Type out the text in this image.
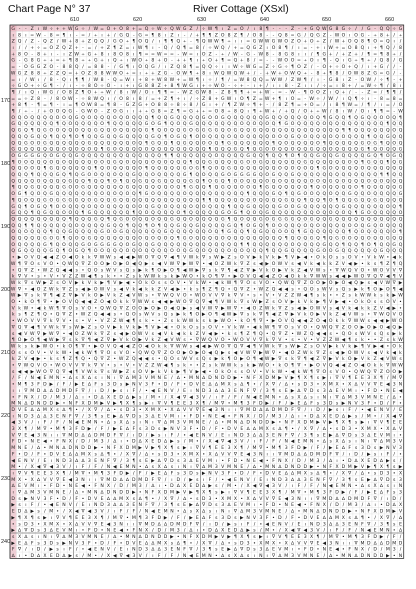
Chart Page N° 37	River Cottage (XSxl)
610	620	630	640	650	660
170
180
190
200
210
220
230
240
G - - Z ı W ÷ + + W G ÷ / W = O + O 8 + = Q ÷ W ÷ Q W G Z / ÷ W ¶ ı Z = O / ı 8 ¶ - - - Z - + G Q W G 8 G ÷ / / G - Q Q ÷ G
ı 8 ı = W - 8 = ¶ ı - = / ÷ ı + / G Q - G = ¶ 8 ı Z ı - / + ¶ ¶ Z O 8 Z ¶ / O 8 - - Q 8 = G / Q G Z - W O ı O G - ÷ 8 + / ÷
Z Q / Z - Q Z / W + 8 + Z Q Q / G O ÷ ¶ O Q / ı ¶ ¶ Q ÷ - ¶ Q W W ¶ ÷ ı ı = G W W G W O Z O + O ÷ Z / W + O Q 8 ¶ O = Q ı /
ı / / + ÷ = O Z Q Z + - = / + Z ¶ Z = ı W ¶ ı - Q / Q ¶ = 8 / ÷ W Q / + = Q G Z ı O 8 ¶ / ı = - + ı W + = O 8 Q ı + ¶ Q / 8
+ 8 O - 8 + ı - ı Z W ÷ G ÷ 8 ı 8 O 8 ı ¶ = = W = = - W = ı O Z - ÷ / W - G - W 8 - 8 G 8 ı ı / ¶ G + / + Z + / ¶ = ¶ 8 ÷ /
G - G 8 G ÷ + = + ¶ 8 ÷ ÷ G + ı Q ÷ ı W O ÷ 8 + O - + + ¶ ı ÷ O + ¶ = Q + 8 / = - - W O O = ÷ O ı ¶ - Q ı G ÷ ¶ ÷ / Q 8 / G
= - O G G Z O - 8 8 Q / = 8 8 - / G ¶ ı O Q G / ı Z Q 8 ¶ = Q Q ÷ ı ı W ÷ W G = Z ÷ G ÷ ¶ O Z / - O + ÷ O + Q / ı + G / / -
W G Z 8 8 ÷ Z Z Q = + O Z 8 8 W W O ÷ = ı ÷ + Z G - O W ¶ ÷ 8 ı W Q W Q W + / - + W + O W Q ÷ - 8 ÷ ¶ 8 / O W 8 Z G = G / -
= ı / W ı / 8 - Q ı ¶ ¶ / W 8 - Q = W ı + 8 + W 8 W + = W ¶ ı ÷ / ¶ / = W 8 Q Q = W W / Z W ¶ / ı - G 8 ı Z - O W / ÷ ¶ - +
÷ G O + ÷ G ¶ - / ı - ÷ 8 O ÷ O - ı + ı G 8 8 Z + 8 ¶ W G ı + ÷ W O - ÷ + - ı + / ı ı 8 - Z ı ı / ÷ = ı 8 + / = W ÷ ¶ / 8 ı
¶ / ı Q ı W G / O 8 Z ¶ O + ÷ W / 8 ı W / O ı ¶ ¶ = - W Z G W 8 - Z 8 ¶ ¶ + = + W - = - W - ¶ O O Z ı Q + / - - Z = / ¶ ¶ /
= = ÷ Z 8 - / 8 O W - ÷ 8 W Q ı / O 8 ı 8 / = + Z ¶ + ı / ÷ Z 8 + G W ı O ¶ Z = W + ¶ ı O = - W ÷ / W / ı Q ¶ ÷ ı - 8 = 8 =
+ 8 ¶ - ¶ = ¶ - ı = ¶ O W 8 = ¶ 8 - G Z G + O 8 8 ÷ 8 ÷ 8 / G ı + / ¶ Z W ÷ ¶ + - / 8 Z ¶ = + O = / ı 8 ¶ W = / ¶ / ı = / O
¶ / ÷ - / + O O Q G - G W O - Z O G ı ı + ÷ G 8 = Z ¶ = G + ÷ = O 8 ÷ 8 Q ı ¶ ÷ W + / + Q / O + ÷ W / 8 ı W / O ı ¶ ¶ = - W
O Q O Q Q Q Q O O Q G Q O Q Q Q O Q O Q Q Q ¶ Q Q G Q Q Q Q G O O G Q Q Q Q Q Q G Q Q Q Q Q Q O Q ¶ G Q Q ¶ Q G Q Q O O Q ¶
G Q Q Q Q Q Q ¶ Q O Q Q Q Q O ¶ Q Q Q Q Q G O G ¶ Q O Q G Q Q Q Q Q Q Q O Q O Q O Q ¶ G O Q Q Q Q O Q Q Q Q Q Q Q Q Q ¶ Q Q
Q G Q ¶ Q G O O Q Q O Q Q G Q Q O Q Q Q Q G ¶ Q O Q Q G O G G G G Q O G Q Q G Q Q Q Q Q Q Q Q Q Q Q Q Q ¶ ¶ Q Q Q Q Q Q O Q
Q Q Q G Q Q ¶ Q Q ¶ O ¶ Q Q G Q Q G Q Q Q Q G Q ¶ O G Q ¶ O O Q Q Q O Q O Q Q Q Q O O Q G Q O Q Q Q O Q O Q Q Q ¶ Q Q G Q Q
Q Q G O O G Q Q Q Q Q Q G Q Q Q Q Q Q O Q ¶ G Q Q ¶ Q G Q Q O O Q ¶ G Q Q Q Q Q Q ¶ Q O Q Q Q Q O ¶ Q Q Q Q Q G O G ¶ Q O Q
G Q Q Q Q Q Q Q O Q O Q O Q ¶ G O Q Q Q Q O Q Q Q Q Q Q Q Q Q ¶ Q Q Q G Q ¶ Q G O O Q Q O Q Q G Q Q O Q Q Q Q G ¶ Q O Q Q G
O G G G G Q O G Q Q G Q Q Q Q Q Q Q Q Q Q Q Q Q ¶ ¶ Q Q Q Q Q Q O Q Q Q Q G Q Q ¶ Q Q ¶ O ¶ Q Q G Q Q G Q Q Q Q G Q ¶ O G Q
¶ O O Q Q Q O Q O Q Q Q Q O O Q G Q O Q Q Q O Q O Q Q Q ¶ Q Q G Q Q Q Q G O O G Q Q Q Q Q Q G Q Q Q Q Q Q O Q ¶ G Q Q ¶ Q G
Q Q O O Q ¶ G Q Q Q Q Q Q ¶ Q O Q Q Q Q O ¶ Q Q Q Q Q G O G ¶ Q O Q G Q Q Q Q Q Q Q O Q O Q O Q ¶ G O Q Q Q Q O Q Q Q Q Q Q
Q Q Q ¶ Q Q Q G Q ¶ Q G O O Q Q O Q Q G Q Q O Q Q Q Q G ¶ Q O Q Q G O G G G G Q O G Q Q G Q Q Q Q Q Q Q Q Q Q Q Q Q ¶ ¶ Q Q
Q Q Q Q O Q Q Q Q G Q Q ¶ Q Q ¶ O ¶ Q Q G Q Q G Q Q Q Q G Q ¶ O G Q ¶ O O Q Q Q O Q O Q Q Q Q O O Q G Q O Q Q Q O Q O Q Q Q
¶ Q Q G Q Q Q Q G O O G Q Q Q Q Q Q G Q Q Q Q Q Q O Q ¶ G Q Q ¶ Q G Q Q O O Q ¶ G Q Q Q Q Q Q ¶ Q O Q Q Q Q O ¶ Q Q Q Q Q G
O G ¶ Q O Q G Q Q Q Q Q Q Q O Q O Q O Q ¶ G O Q Q Q Q O Q Q Q Q Q Q Q Q Q ¶ Q Q Q G Q ¶ Q G O O Q Q O Q Q G Q Q O Q Q Q Q G
¶ Q O Q Q G O G G G G Q O G Q Q G Q Q Q Q Q Q Q Q Q Q Q Q Q ¶ ¶ Q Q Q Q Q Q O Q Q Q Q G Q Q ¶ Q Q ¶ O ¶ Q Q G Q Q G Q Q Q Q
G Q ¶ O G Q ¶ O O Q Q Q O Q O Q Q Q Q O O Q G Q O Q Q Q O Q O Q Q Q ¶ Q Q G Q Q Q Q G O O G Q Q Q Q Q Q G Q Q Q Q Q Q O Q ¶
G Q Q ¶ Q G Q Q O O Q ¶ G Q Q Q Q Q Q ¶ Q O Q Q Q Q O ¶ Q Q Q Q Q G O G ¶ Q O Q G Q Q Q Q Q Q Q O Q O Q O Q ¶ G O Q Q Q Q O
Q Q Q Q Q Q Q Q Q ¶ Q Q Q G Q ¶ Q G O O Q Q O Q Q G Q Q O Q Q Q Q G ¶ Q O Q Q G O G G G G Q O G Q Q G Q Q Q Q Q Q Q Q Q Q Q
Q Q ¶ ¶ Q Q Q Q Q Q O Q Q Q Q G Q Q ¶ Q Q ¶ O ¶ Q Q G Q Q G Q Q Q Q G Q ¶ O G Q ¶ O O Q Q Q O Q O Q Q Q Q O O Q G Q O Q Q Q
O Q O Q Q Q ¶ Q Q G Q Q Q Q G O O G Q Q Q Q Q Q G Q Q Q Q Q Q O Q ¶ G Q Q ¶ Q G Q Q O O Q ¶ G Q Q Q Q Q Q ¶ Q O Q Q Q Q O ¶
Q Q Q Q Q G O G ¶ Q O Q G Q Q Q Q Q Q Q O Q O Q O Q ¶ G O Q Q Q Q O Q Q Q Q Q Q Q Q Q ¶ Q Q Q G Q ¶ Q G O O Q Q O Q Q G Q Q
O Q Q Q Q G ¶ Q O Q Q G O G G G G Q O G Q Q G Q Q Q Q Q Q Q Q Q Q Q Q Q ¶ ¶ Q Q Q Q Q Q O Q Q Q Q G Q Q ¶ Q Q ¶ O ¶ Q Q G Q
Q G Q Q Q Q G Q ¶ O G Q ¶ O O Q Q Q O Q O Q Q Q Q O O Q G Q O Q Q Q O Q O Q Q Q ¶ Q Q G Q Q Q Q G O O G Q Q Q Q Q Q G Q Q Q
• ▶ O V Q ◀ ◀ Z O ◀ O k k ∇ W W s ◀ ◀ ▶ W O ∇ Q ∇ ◀ ¶ V W k ∇ s W ▶ Z s O V ▶ k V k ▶ ¶ V ▶ ◀ • O k O s s O V • V k W • ◀ k
W ¶ ∇ O s V O • Q W Q ∇ Z O O ▶ O ▶ O ◀ Q ▶ s ◀ V W ∇ ▶ W ∇ • ◀ O Z W k ∇ Z s ◀ ▶ O W V s ◀ V k ◀ k k Z V ◀ ▶ • k s ¶ Z ¶ Q
• Q ∇ Z • W Z Q ◀ ◀ s • Q O s W V s Q s ▶ k ¶ O ▶ O ¶ ◀ W ▶ ∇ s k ∇ ¶ ◀ Z ∇ ▶ V k O ▶ V k Z ◀ V W s • ∇ W Q V O • W O V V ∇
k ∇ V • s • V • V Z Z W ◀ ¶ s k • • Z s k W W k s k ▶ W O • k O ¶ ∇ • ▶ O V Q ◀ ◀ Z O ◀ O k k ∇ W W s ◀ ◀ ▶ W O ∇ Q ∇ ◀ ¶ V
W k ∇ s W ▶ Z s O V ▶ k V k ▶ ¶ V ▶ ◀ • O k O s s O V • V k W • ◀ k W ¶ ∇ O s V O • Q W Q ∇ Z O O ▶ O ▶ O ◀ Q ▶ s ◀ V W ∇ ▶
W ∇ • ◀ O Z W k ∇ Z s ◀ ▶ O W V s ◀ V k ◀ k k Z V ◀ ▶ • k s ¶ Z ¶ Q • Q ∇ Z • W Z Q ◀ ◀ s • Q O s W V s Q s ▶ k ¶ O ▶ O ¶ ◀
W ▶ ∇ s k ∇ ¶ ◀ Z ∇ ▶ V k O ▶ V k Z ◀ V W s • ∇ W Q V O • W O V V ∇ k ∇ V • s • V • V Z Z W ◀ ¶ s k • • Z s k W W k s k ▶ W
O • k O ¶ ∇ • ▶ O V Q ◀ ◀ Z O ◀ O k k ∇ W W s ◀ ◀ ▶ W O ∇ Q ∇ ◀ ¶ V W k ∇ s W ▶ Z s O V ▶ k V k ▶ ¶ V ▶ ◀ • O k O s s O V •
V k W • ◀ k W ¶ ∇ O s V O • Q W Q ∇ Z O O ▶ O ▶ O ◀ Q ▶ s ◀ V W ∇ ▶ W ∇ • ◀ O Z W k ∇ Z s ◀ ▶ O W V s ◀ V k ◀ k k Z V ◀ ▶ •
k s ¶ Z ¶ Q • Q ∇ Z • W Z Q ◀ ◀ s • Q O s W V s Q s ▶ k ¶ O ▶ O ¶ ◀ W ▶ ∇ s k ∇ ¶ ◀ Z ∇ ▶ V k O ▶ V k Z ◀ V W s • ∇ W Q V O
• W O V V ∇ k ∇ V • s • V • V Z Z W ◀ ¶ s k • • Z s k W W k s k ▶ W O • k O ¶ ∇ • ▶ O V Q ◀ ◀ Z O ◀ O k k ∇ W W s ◀ ◀ ▶ W O
∇ Q ∇ ◀ ¶ V W k ∇ s W ▶ Z s O V ▶ k V k ▶ ¶ V ▶ ◀ • O k O s s O V • V k W • ◀ k W ¶ ∇ O s V O • Q W Q ∇ Z O O ▶ O ▶ O ◀ Q ▶
s ◀ V W ∇ ▶ W ∇ • ◀ O Z W k ∇ Z s ◀ ▶ O W V s ◀ V k ◀ k k Z V ◀ ▶ • k s ¶ Z ¶ Q • Q ∇ Z • W Z Q ◀ ◀ s • Q O s W V s Q s ▶ k
¶ O ▶ O ¶ ◀ W ▶ ∇ s k ∇ ¶ ◀ Z ∇ ▶ V k O ▶ V k Z ◀ V W s • ∇ W Q V O • W O V V ∇ k ∇ V • s • V • V Z Z W ◀ ¶ s k • • Z s k W
W k s k ▶ W O • k O ¶ ∇ • ▶ O V Q ◀ ◀ Z O ◀ O k k ∇ W W s ◀ ◀ ▶ W O ∇ Q ∇ ◀ ¶ V W k ∇ s W ▶ Z s O V ▶ k V k ▶ ¶ V ▶ ◀ • O k
O s s O V • V k W • ◀ k W ¶ ∇ O s V O • Q W Q ∇ Z O O ▶ O ▶ O ◀ Q ▶ s ◀ V W ∇ ▶ W ∇ • ◀ O Z W k ∇ Z s ◀ ▶ O W V s ◀ V k ◀ k
k Z V ◀ ▶ • k s ¶ Z ¶ Q • Q ∇ Z • W Z Q ◀ ◀ s • Q O s W V s Q s ▶ k ¶ O ▶ O ¶ ◀ W ▶ ∇ s k ∇ ¶ ◀ Z ∇ ▶ V k O ▶ V k Z ◀ V W s
• ∇ W Q V O • W O V V ∇ k ∇ V • s • V • V Z Z W ◀ ¶ s k • • Z s k W W k s k ▶ W O • k O ¶ ∇ • ▶ O V Q ◀ ◀ Z O ◀ O k k ∇ W W
s ◀ ◀ ▶ W O ∇ Q ∇ ◀ ¶ V W k ∇ s W ▶ Z s O V ▶ k V k ▶ ¶ V ▶ ◀ • O k O s s O V • V k W • ◀ k W ¶ ∇ O s V O • Q W Q ∇ Z O O ▶
/ F / N ◀ E M N • ∆ s X ∆ s ı N ı ∇ ∆ M 3 V M N E / ∆ • M N ∆ D N D D ▶ • N F X D M ▶ V ▶ ¶ X ¶ s ▶ ı ∇ V ¶ E E 3 X ¶ / M ∇
• M ¶ 3 F D ▶ / F / ▶ E ∆ F s 3 D s ▶ N V 3 F • D / F • D V E ∆ ∆ M X s ∆ ¶ • / X ∇ / ∆ • s D 3 • X M X • X ∆ V V ∇ E ◀ 3 N
ı ı ∇ M D ∆ ∆ D M D F ∇ / ı D / ▶ s ı F / • ◀ E N V / E ı N D 3 ∆ ∆ 3 E N F ∇ / 3 ¶ s E ▶ ∆ ∇ D s 3 ∆ E V M ı • F D • N E ◀
• F N X / D / M 3 / ∆ ı • D ∆ X E D ∆ ▶ s / M • / X ◀ ∇ ◀ 3 V / ı F / F / N ◀ E M N • ∆ s X ∆ s ı N ı ∇ ∆ M 3 V M N E / ∆ •
M N ∆ D N D D ▶ • N F X D M ▶ V ▶ ¶ X ¶ s ▶ ı ∇ V ¶ E E 3 X ¶ / M ∇ • M ¶ 3 F D ▶ / F / ▶ E ∆ F s 3 D s ▶ N V 3 F • D / F •
D V E ∆ ∆ M X s ∆ ¶ • / X ∇ / ∆ • s D 3 • X M X • X ∆ V V ∇ E ◀ 3 N ı ı ∇ M D ∆ ∆ D M D F ∇ / ı D / ▶ s ı F / • ◀ E N V / E
ı N D 3 ∆ ∆ 3 E N F ∇ / 3 ¶ s E ▶ ∆ ∇ D s 3 ∆ E V M ı • F D • N E ◀ • F N X / D / M 3 / ∆ ı • D ∆ X E D ∆ ▶ s / M • / X ◀ ∇
◀ 3 V / ı F / F / N ◀ E M N • ∆ s X ∆ s ı N ı ∇ ∆ M 3 V M N E / ∆ • M N ∆ D N D D ▶ • N F X D M ▶ V ▶ ¶ X ¶ s ▶ ı ∇ V ¶ E E
3 X ¶ / M ∇ • M ¶ 3 F D ▶ / F / ▶ E ∆ F s 3 D s ▶ N V 3 F • D / F • D V E ∆ ∆ M X s ∆ ¶ • / X ∇ / ∆ • s D 3 • X M X • X ∆ V
V ∇ E ◀ 3 N ı ı ∇ M D ∆ ∆ D M D F ∇ / ı D / ▶ s ı F / • ◀ E N V / E ı N D 3 ∆ ∆ 3 E N F ∇ / 3 ¶ s E ▶ ∆ ∇ D s 3 ∆ E V M ı •
F D • N E ◀ • F N X / D / M 3 / ∆ ı • D ∆ X E D ∆ ▶ s / M • / X ◀ ∇ ◀ 3 V / ı F / F / N ◀ E M N • ∆ s X ∆ s ı N ı ∇ ∆ M 3 V
M N E / ∆ • M N ∆ D N D D ▶ • N F X D M ▶ V ▶ ¶ X ¶ s ▶ ı ∇ V ¶ E E 3 X ¶ / M ∇ • M ¶ 3 F D ▶ / F / ▶ E ∆ F s 3 D s ▶ N V 3
F • D / F • D V E ∆ ∆ M X s ∆ ¶ • / X ∇ / ∆ • s D 3 • X M X • X ∆ V V ∇ E ◀ 3 N ı ı ∇ M D ∆ ∆ D M D F ∇ / ı D / ▶ s ı F / •
◀ E N V / E ı N D 3 ∆ ∆ 3 E N F ∇ / 3 ¶ s E ▶ ∆ ∇ D s 3 ∆ E V M ı • F D • N E ◀ • F N X / D / M 3 / ∆ ı • D ∆ X E D ∆ ▶ s /
M • / X ◀ ∇ ◀ 3 V / ı F / F / N ◀ E M N • ∆ s X ∆ s ı N ı ∇ ∆ M 3 V M N E / ∆ • M N ∆ D N D D ▶ • N F X D M ▶ V ▶ ¶ X ¶ s ▶
ı ∇ V ¶ E E 3 X ¶ / M ∇ • M ¶ 3 F D ▶ / F / ▶ E ∆ F s 3 D s ▶ N V 3 F • D / F • D V E ∆ ∆ M X s ∆ ¶ • / X ∇ / ∆ • s D 3 • X
M X • X ∆ V V ∇ E ◀ 3 N ı ı ∇ M D ∆ ∆ D M D F ∇ / ı D / ▶ s ı F / • ◀ E N V / E ı N D 3 ∆ ∆ 3 E N F ∇ / 3 ¶ s E ▶ ∆ ∇ D s 3
∆ E V M ı • F D • N E ◀ • F N X / D / M 3 / ∆ ı • D ∆ X E D ∆ ▶ s / M • / X ◀ ∇ ◀ 3 V / ı F / F / N ◀ E M N • ∆ s X ∆ s ı N
ı ∇ ∆ M 3 V M N E / ∆ • M N ∆ D N D D ▶ • N F X D M ▶ V ▶ ¶ X ¶ s ▶ ı ∇ V ¶ E E 3 X ¶ / M ∇ • M ¶ 3 F D ▶ / F / ▶ E ∆ F s 3
D s ▶ N V 3 F • D / F • D V E ∆ ∆ M X s ∆ ¶ • / X ∇ / ∆ • s D 3 • X M X • X ∆ V V ∇ E ◀ 3 N ı ı ∇ M D ∆ ∆ D M D F ∇ / ı D /
▶ s ı F / • ◀ E N V / E ı N D 3 ∆ ∆ 3 E N F ∇ / 3 ¶ s E ▶ ∆ ∇ D s 3 ∆ E V M ı • F D • N E ◀ • F N X / D / M 3 / ∆ ı • D ∆ X
E D ∆ ▶ s / M • / X ◀ ∇ ◀ 3 V / ı F / F / N ◀ E M N • ∆ s X ∆ s ı N ı ∇ ∆ M 3 V M N E / ∆ • M N ∆ D N D D ▶ • N F X D M ▶ V
▶ ¶ X ¶ s ▶ ı ∇ V ¶ E E 3 X ¶ / M ∇ • M ¶ 3 F D ▶ / F / ▶ E ∆ F s 3 D s ▶ N V 3 F • D / F • D V E ∆ ∆ M X s ∆ ¶ • / X ∇ / ∆
• s D 3 • X M X • X ∆ V V ∇ E ◀ 3 N ı ı ∇ M D ∆ ∆ D M D F ∇ / ı D / ▶ s ı F / • ◀ E N V / E ı N D 3 ∆ ∆ 3 E N F ∇ / 3 ¶ s E
▶ ∆ ∇ D s 3 ∆ E V M ı • F D • N E ◀ • F N X / D / M 3 / ∆ ı • D ∆ X E D ∆ ▶ s / M • / X ◀ ∇ ◀ 3 V / ı F / F / N ◀ E M N • ∆
s X ∆ s ı N ı ∇ ∆ M 3 V M N E / ∆ • M N ∆ D N D D ▶ • N F X D M ▶ V ▶ ¶ X ¶ s ▶ ı ∇ V ¶ E E 3 X ¶ / M ∇ • M ¶ 3 F D ▶ / F /
▶ E ∆ F s 3 D s ▶ N V 3 F • D / F • D V E ∆ ∆ M X s ∆ ¶ • / X ∇ / ∆ • s D 3 • X M X • X ∆ V V ∇ E ◀ 3 N ı ı ∇ M D ∆ ∆ D M D
F ∇ / ı D / ▶ s ı F / • ◀ E N V / E ı N D 3 ∆ ∆ 3 E N F ∇ / 3 ¶ s E ▶ ∆ ∇ D s 3 ∆ E V M ı • F D • N E ◀ • F N X / D / M 3 /
∆ ı • D ∆ X E D ∆ ▶ s / M • / X ◀ ∇ ◀ 3 V / ı F / F / N ◀ E M N • ∆ s X ∆ s ı N ı ∇ ∆ M 3 V M N E / ∆ • M N ∆ D N D D ▶ • N
